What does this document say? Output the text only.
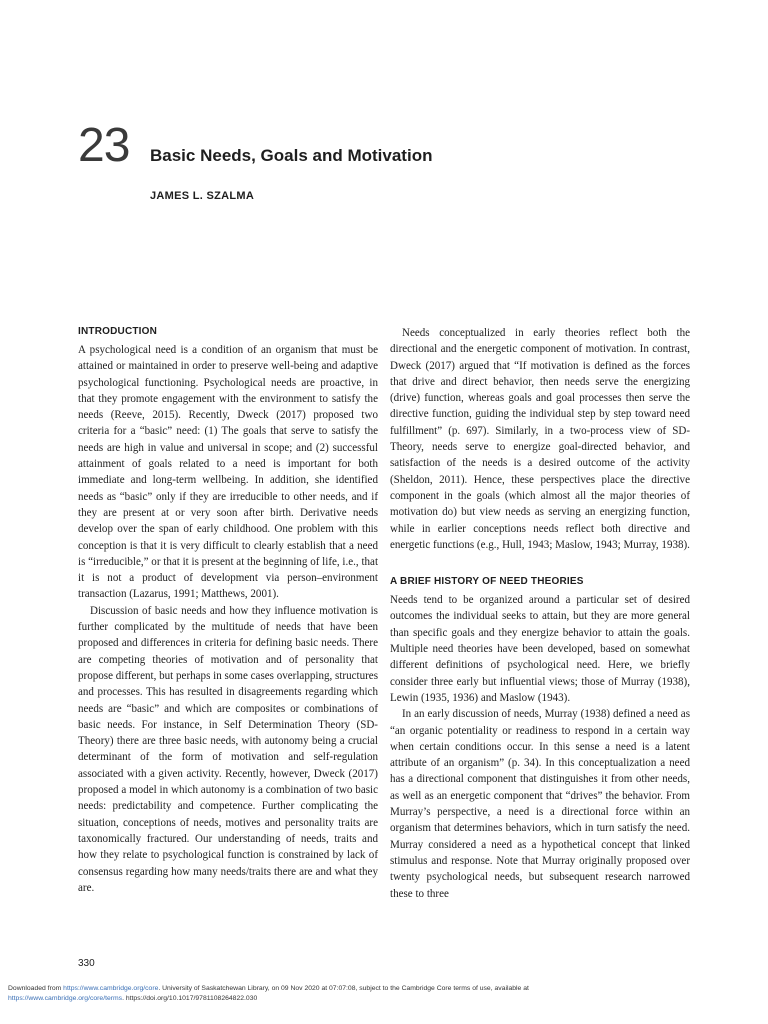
23 Basic Needs, Goals and Motivation
JAMES L. SZALMA
INTRODUCTION

A psychological need is a condition of an organism that must be attained or maintained in order to preserve well-being and adaptive psychological functioning. Psychological needs are proactive, in that they promote engagement with the environment to satisfy the needs (Reeve, 2015). Recently, Dweck (2017) proposed two criteria for a “basic” need: (1) The goals that serve to satisfy the needs are high in value and universal in scope; and (2) successful attainment of goals related to a need is important for both immediate and long-term wellbeing. In addition, she identified needs as “basic” only if they are irreducible to other needs, and if they are present at or very soon after birth. Derivative needs develop over the span of early childhood. One problem with this conception is that it is very difficult to clearly establish that a need is “irreducible,” or that it is present at the beginning of life, i.e., that it is not a product of development via person–environment transaction (Lazarus, 1991; Matthews, 2001).

Discussion of basic needs and how they influence motivation is further complicated by the multitude of needs that have been proposed and differences in criteria for defining basic needs. There are competing theories of motivation and of personality that propose different, but perhaps in some cases overlapping, structures and processes. This has resulted in disagreements regarding which needs are “basic” and which are composites or combinations of basic needs. For instance, in Self Determination Theory (SD-Theory) there are three basic needs, with autonomy being a crucial determinant of the form of motivation and self-regulation associated with a given activity. Recently, however, Dweck (2017) proposed a model in which autonomy is a combination of two basic needs: predictability and competence. Further complicating the situation, conceptions of needs, motives and personality traits are taxonomically fractured. Our understanding of needs, traits and how they relate to psychological function is constrained by lack of consensus regarding how many needs/traits there are and what they are.

Needs conceptualized in early theories reflect both the directional and the energetic component of motivation. In contrast, Dweck (2017) argued that “If motivation is defined as the forces that drive and direct behavior, then needs serve the energizing (drive) function, whereas goals and goal processes then serve the directive function, guiding the individual step by step toward need fulfillment” (p. 697). Similarly, in a two-process view of SD-Theory, needs serve to energize goal-directed behavior, and satisfaction of the needs is a desired outcome of the activity (Sheldon, 2011). Hence, these perspectives place the directive component in the goals (which almost all the major theories of motivation do) but view needs as serving an energizing function, while in earlier conceptions needs reflect both directive and energetic functions (e.g., Hull, 1943; Maslow, 1943; Murray, 1938).

A BRIEF HISTORY OF NEED THEORIES

Needs tend to be organized around a particular set of desired outcomes the individual seeks to attain, but they are more general than specific goals and they energize behavior to attain the goals. Multiple need theories have been developed, based on somewhat different definitions of psychological need. Here, we briefly consider three early but influential views; those of Murray (1938), Lewin (1935, 1936) and Maslow (1943).

In an early discussion of needs, Murray (1938) defined a need as “an organic potentiality or readiness to respond in a certain way when certain conditions occur. In this sense a need is a latent attribute of an organism” (p. 34). In this conceptualization a need has a directional component that distinguishes it from other needs, as well as an energetic component that “drives” the behavior. From Murray’s perspective, a need is a directional force within an organism that determines behaviors, which in turn satisfy the need. Murray considered a need as a hypothetical concept that linked stimulus and response. Note that Murray originally proposed over twenty psychological needs, but subsequent research narrowed these to three

330
Downloaded from https://www.cambridge.org/core. University of Saskatchewan Library, on 09 Nov 2020 at 07:07:08, subject to the Cambridge Core terms of use, available at
https://www.cambridge.org/core/terms. https://doi.org/10.1017/9781108264822.030
